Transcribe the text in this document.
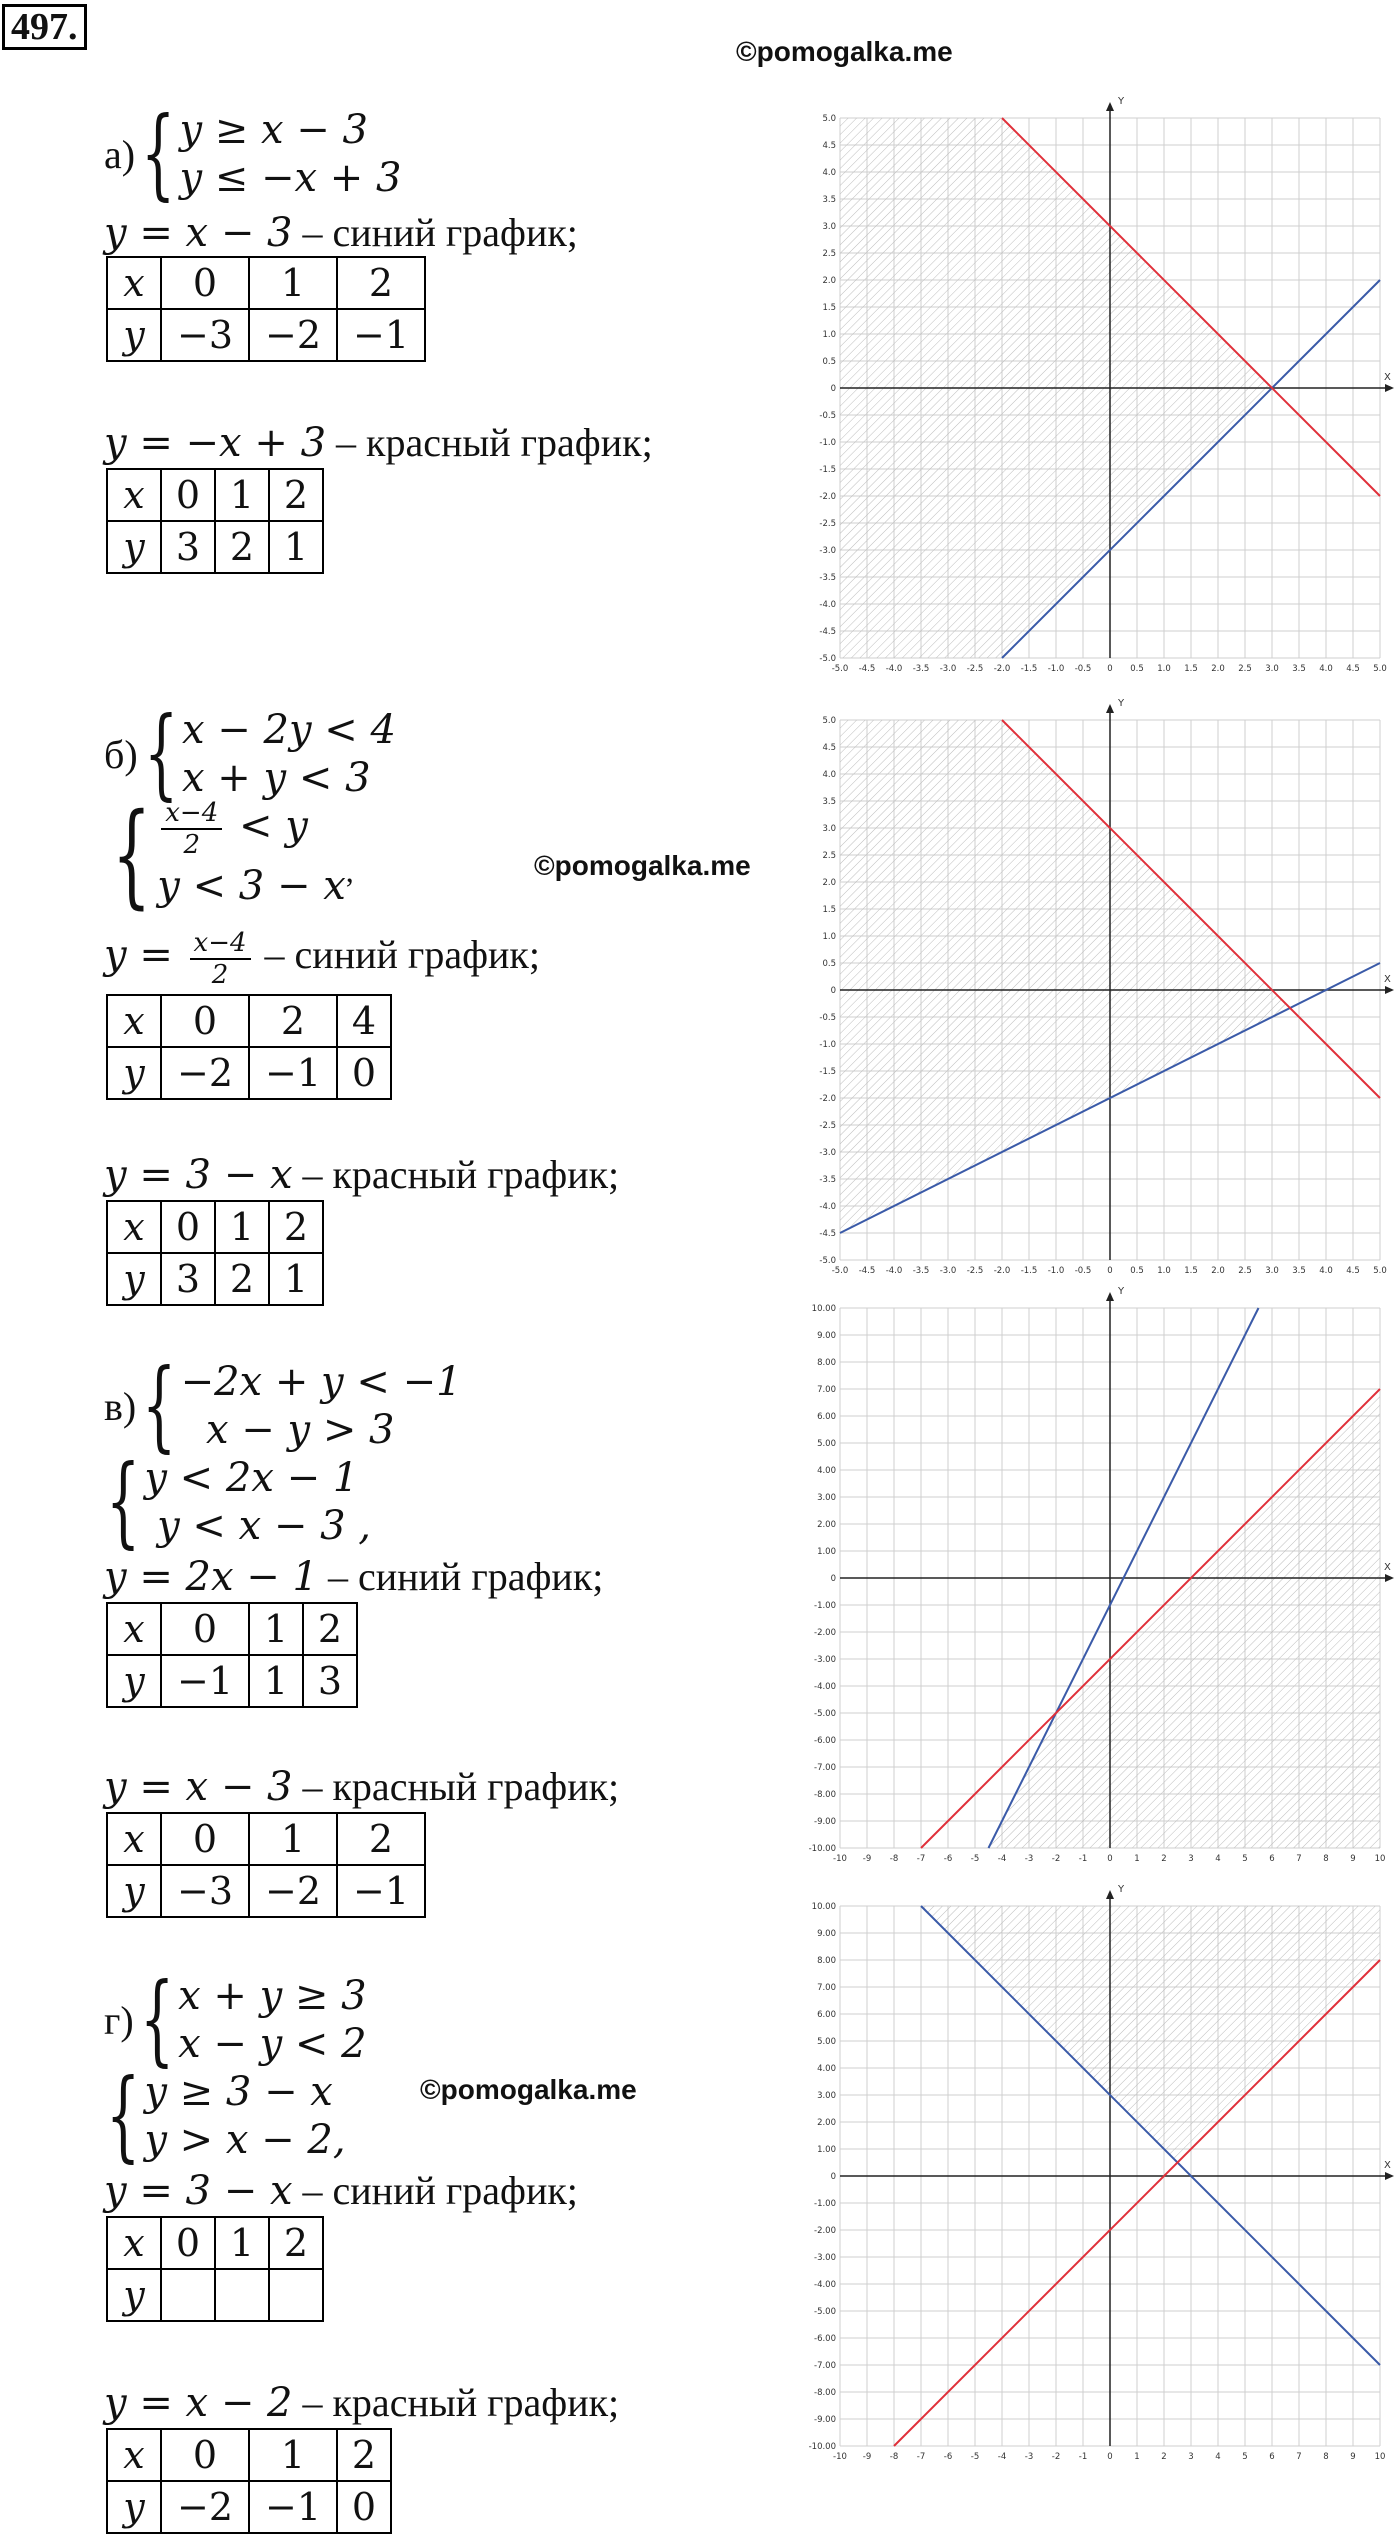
497.
©pomogalka.me
©pomogalka.me
©pomogalka.me
а) { y ≥ x − 3
y ≤ −x + 3
y = x − 3 – синий график;
x	0	1	2
y	−3	−2	−1
y = −x + 3 – красный график;
x	0	1	2
y	3	2	1
б) { x − 2y < 4
x + y < 3
{ $\frac{x-4}{2} < y$
y < 3 − x ,
$y = \frac{x-4}{2}$ – синий график;
x	0	2	4
y	−2	−1	0
y = 3 − x – красный график;
x	0	1	2
y	3	2	1
в) { −2x + y < −1
x − y > 3
{ y < 2x − 1
y < x − 3 ,
y = 2x − 1 – синий график;
x	0	1	2
y	−1	1	3
y = x − 3 – красный график;
x	0	1	2
y	−3	−2	−1
г) { x + y ≥ 3
x − y < 2
{ y ≥ 3 − x
y > x − 2,
y = 3 − x – синий график;
x	0	1	2
y			
y = x − 2 – красный график;
x	0	1	2
y	−2	−1	0
X
Y
-5.0 -4.5 -4.0 -3.5 -3.0 -2.5 -2.0 -1.5 -1.0 -0.5 0 0.5 1.0 1.5 2.0 2.5 3.0 3.5 4.0 4.5 5.0
-5.0
-4.5
-4.0
-3.5
-3.0
-2.5
-2.0
-1.5
-1.0
-0.5
0
0.5
1.0
1.5
2.0
2.5
3.0
3.5
4.0
4.5
5.0
X
Y
-5.0 -4.5 -4.0 -3.5 -3.0 -2.5 -2.0 -1.5 -1.0 -0.5 0 0.5 1.0 1.5 2.0 2.5 3.0 3.5 4.0 4.5 5.0
-5.0
-4.5
-4.0
-3.5
-3.0
-2.5
-2.0
-1.5
-1.0
-0.5
0
0.5
1.0
1.5
2.0
2.5
3.0
3.5
4.0
4.5
5.0
X
Y
-10 -9 -8 -7 -6 -5 -4 -3 -2 -1 0	1	2	3	4	5	6	7	8	9 10
-10.00
-9.00
-8.00
-7.00
-6.00
-5.00
-4.00
-3.00
-2.00
-1.00
0
1.00
2.00
3.00
4.00
5.00
6.00
7.00
8.00
9.00
10.00
X
Y
-10 -9 -8 -7 -6 -5 -4 -3 -2 -1 0	1	2	3	4	5	6	7	8	9 10
-10.00
-9.00
-8.00
-7.00
-6.00
-5.00
-4.00
-3.00
-2.00
-1.00
0
1.00
2.00
3.00
4.00
5.00
6.00
7.00
8.00
9.00
10.00
